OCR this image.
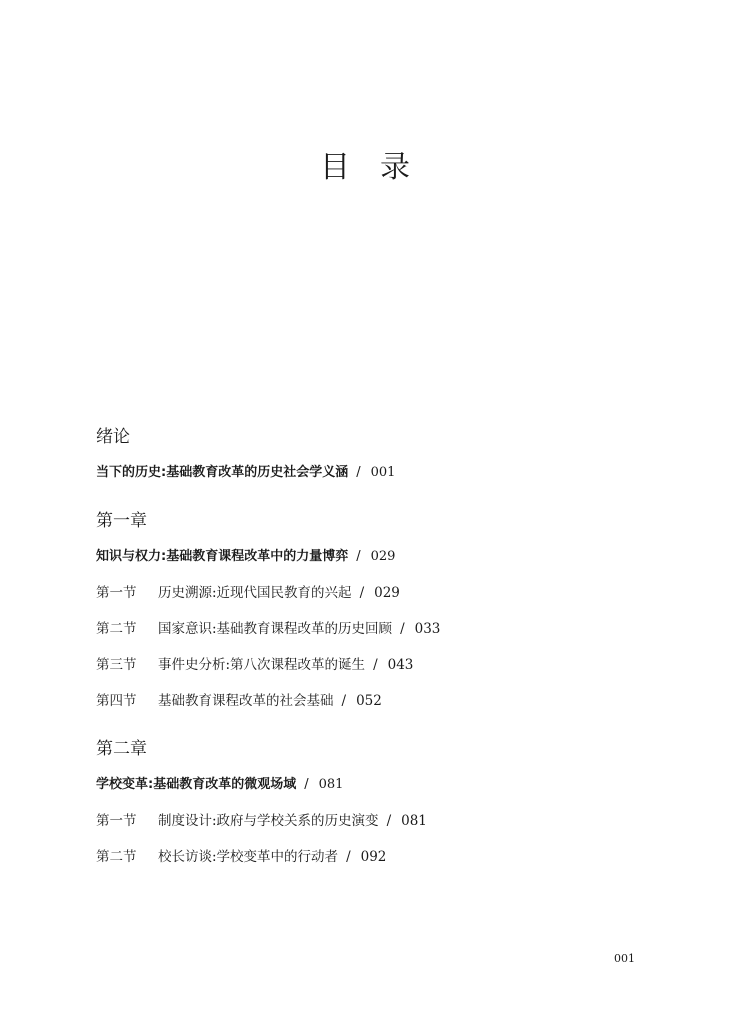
目录
绪论
当下的历史:基础教育改革的历史社会学义涵 / 001
第一章
知识与权力:基础教育课程改革中的力量博弈 / 029
第一节 历史溯源:近现代国民教育的兴起 / 029
第二节 国家意识:基础教育课程改革的历史回顾 / 033
第三节 事件史分析:第八次课程改革的诞生 / 043
第四节 基础教育课程改革的社会基础 / 052
第二章
学校变革:基础教育改革的微观场域 / 081
第一节 制度设计:政府与学校关系的历史演变 / 081
第二节 校长访谈:学校变革中的行动者 / 092
001
